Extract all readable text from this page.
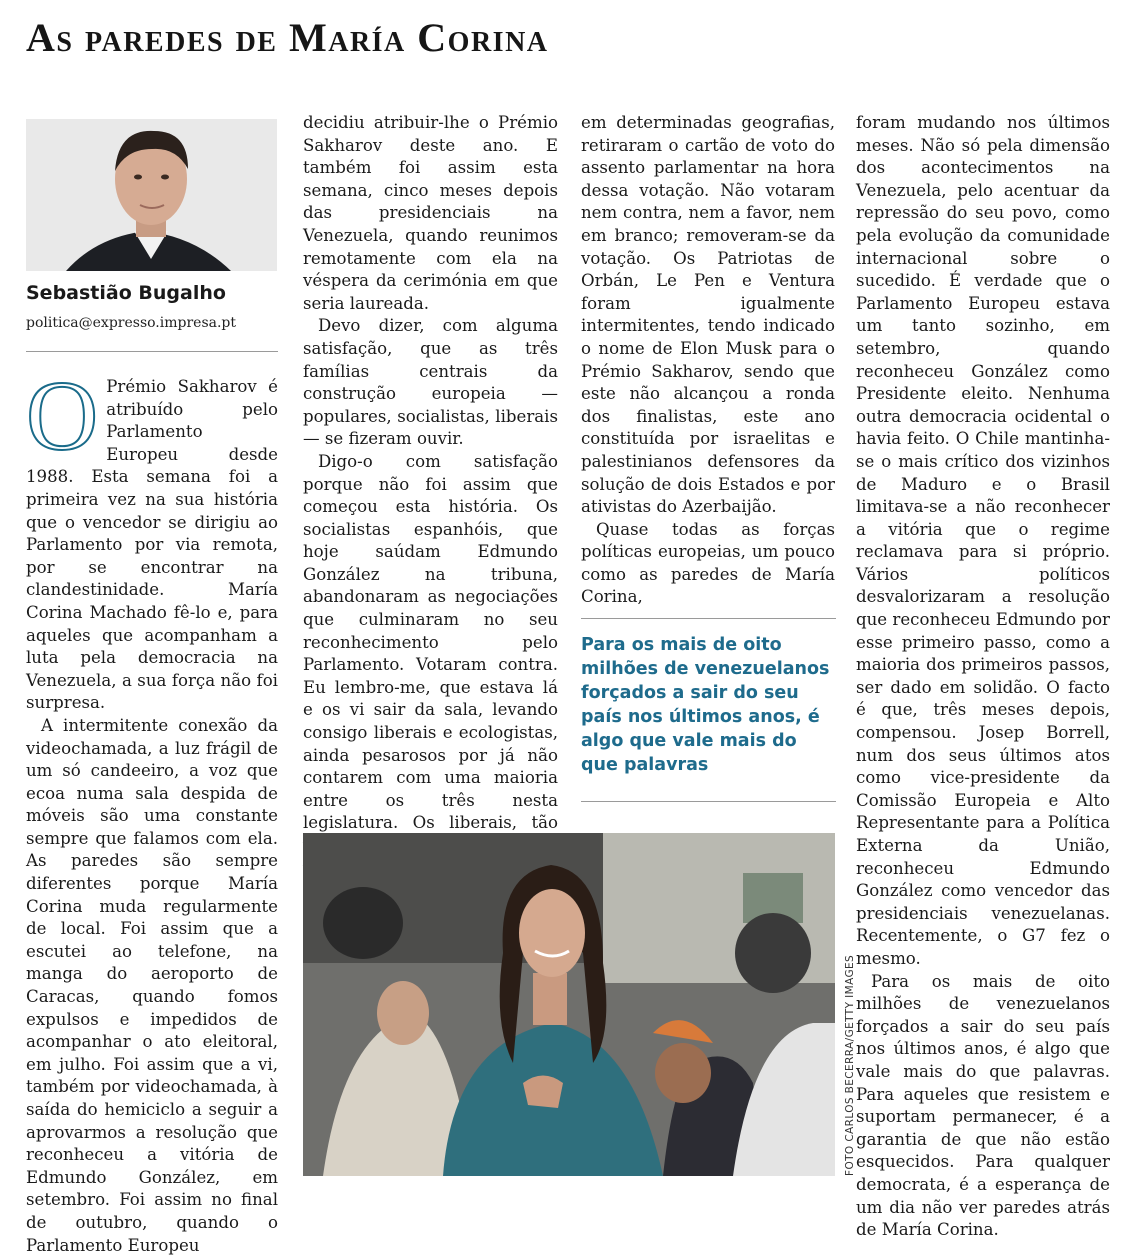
As paredes de María Corina
Sebastião Bugalho
politica@expresso.impresa.pt

O Prémio Sakharov é atribuído pelo Parlamento Europeu desde 1988. Esta semana foi a primeira vez na sua história que o vencedor se dirigiu ao Parlamento por via remota, por se encontrar na clandestinidade. María Corina Machado fê-lo e, para aqueles que acompanham a luta pela democracia na Venezuela, a sua força não foi surpresa.

A intermitente conexão da videochamada, a luz frágil de um só candeeiro, a voz que ecoa numa sala despida de móveis são uma constante sempre que falamos com ela. As paredes são sempre diferentes porque María Corina muda regularmente de local. Foi assim que a escutei ao telefone, na manga do aeroporto de Caracas, quando fomos expulsos e impedidos de acompanhar o ato eleitoral, em julho. Foi assim que a vi, também por videochamada, à saída do hemiciclo a seguir a aprovarmos a resolução que reconheceu a vitória de Edmundo González, em setembro. Foi assim no final de outubro, quando o Parlamento Europeu

decidiu atribuir-lhe o Prémio Sakharov deste ano. E também foi assim esta semana, cinco meses depois das presidenciais na Venezuela, quando reunimos remotamente com ela na véspera da cerimónia em que seria laureada.

Devo dizer, com alguma satisfação, que as três famílias centrais da construção europeia — populares, socialistas, liberais — se fizeram ouvir.

Digo-o com satisfação porque não foi assim que começou esta história. Os socialistas espanhóis, que hoje saúdam Edmundo González na tribuna, abandonaram as negociações que culminaram no seu reconhecimento pelo Parlamento. Votaram contra. Eu lembro-me, que estava lá e os vi sair da sala, levando consigo liberais e ecologistas, ainda pesarosos por já não contarem com uma maioria entre os três nesta legislatura. Os liberais, tão

em determinadas geografias, retiraram o cartão de voto do assento parlamentar na hora dessa votação. Não votaram nem contra, nem a favor, nem em branco; removeram-se da votação. Os Patriotas de Orbán, Le Pen e Ventura foram igualmente intermitentes, tendo indicado o nome de Elon Musk para o Prémio Sakharov, sendo que este não alcançou a ronda dos finalistas, este ano constituída por israelitas e palestinianos defensores da solução de dois Estados e por ativistas do Azerbaijão.

Quase todas as forças políticas europeias, um pouco como as paredes de María Corina,

Para os mais de oito milhões de venezuelanos forçados a sair do seu país nos últimos anos, é algo que vale mais do que palavras

foram mudando nos últimos meses. Não só pela dimensão dos acontecimentos na Venezuela, pelo acentuar da repressão do seu povo, como pela evolução da comunidade internacional sobre o sucedido. É verdade que o Parlamento Europeu estava um tanto sozinho, em setembro, quando reconheceu González como Presidente eleito. Nenhuma outra democracia ocidental o havia feito. O Chile mantinha-se o mais crítico dos vizinhos de Maduro e o Brasil limitava-se a não reconhecer a vitória que o regime reclamava para si próprio. Vários políticos desvalorizaram a resolução que reconheceu Edmundo por esse primeiro passo, como a maioria dos primeiros passos, ser dado em solidão. O facto é que, três meses depois, compensou. Josep Borrell, num dos seus últimos atos como vice-presidente da Comissão Europeia e Alto Representante para a Política Externa da União, reconheceu Edmundo González como vencedor das presidenciais venezuelanas. Recentemente, o G7 fez o mesmo.

Para os mais de oito milhões de venezuelanos forçados a sair do seu país nos últimos anos, é algo que vale mais do que palavras. Para aqueles que resistem e suportam permanecer, é a garantia de que não estão esquecidos. Para qualquer democrata, é a esperança de um dia não ver paredes atrás de María Corina.

FOTO CARLOS BECERRA/GETTY IMAGES
